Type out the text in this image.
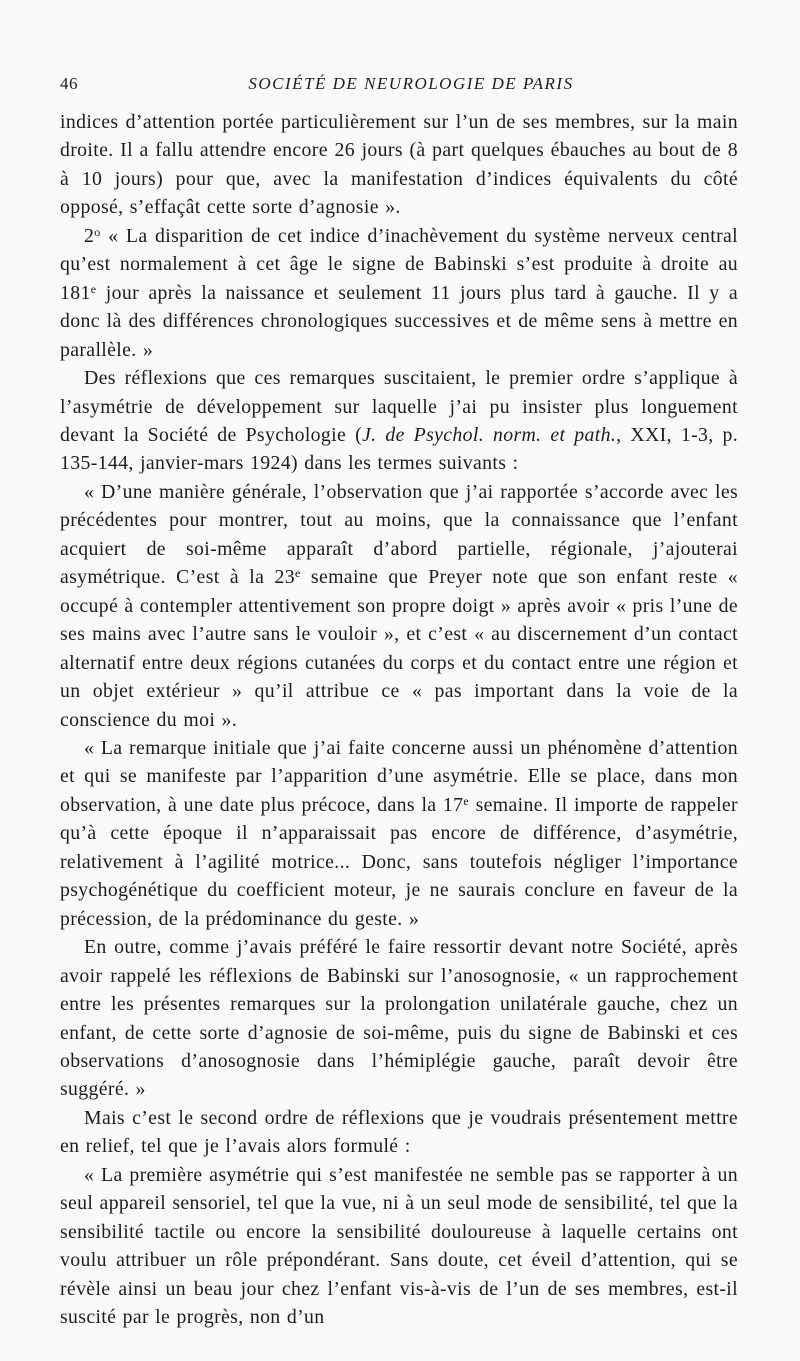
46	SOCIÉTÉ DE NEUROLOGIE DE PARIS

indices d’attention portée particulièrement sur l’un de ses membres, sur la main droite. Il a fallu attendre encore 26 jours (à part quelques ébauches au bout de 8 à 10 jours) pour que, avec la manifestation d’indices équivalents du côté opposé, s’effaçât cette sorte d’agnosie ».

2$^o$ « La disparition de cet indice d’inachèvement du système nerveux central qu’est normalement à cet âge le signe de Babinski s’est produite à droite au 181e jour après la naissance et seulement 11 jours plus tard à gauche. Il y a donc là des différences chronologiques successives et de même sens à mettre en parallèle. »

Des réflexions que ces remarques suscitaient, le premier ordre s’applique à l’asymétrie de développement sur laquelle j’ai pu insister plus longuement devant la Société de Psychologie (J. de Psychol. norm. et path., XXI, 1-3, p. 135-144, janvier-mars 1924) dans les termes suivants :

« D’une manière générale, l’observation que j’ai rapportée s’accorde avec les précédentes pour montrer, tout au moins, que la connaissance que l’enfant acquiert de soi-même apparaît d’abord partielle, régionale, j’ajouterai asymétrique. C’est à la 23e semaine que Preyer note que son enfant reste « occupé à contempler attentivement son propre doigt » après avoir « pris l’une de ses mains avec l’autre sans le vouloir », et c’est « au discernement d’un contact alternatif entre deux régions cutanées du corps et du contact entre une région et un objet extérieur » qu’il attribue ce « pas important dans la voie de la conscience du moi ».

« La remarque initiale que j’ai faite concerne aussi un phénomène d’attention et qui se manifeste par l’apparition d’une asymétrie. Elle se place, dans mon observation, à une date plus précoce, dans la 17e semaine. Il importe de rappeler qu’à cette époque il n’apparaissait pas encore de différence, d’asymétrie, relativement à l’agilité motrice... Donc, sans toutefois négliger l’importance psychogénétique du coefficient moteur, je ne saurais conclure en faveur de la précession, de la prédominance du geste. »

En outre, comme j’avais préféré le faire ressortir devant notre Société, après avoir rappelé les réflexions de Babinski sur l’anosognosie, « un rapprochement entre les présentes remarques sur la prolongation unilatérale gauche, chez un enfant, de cette sorte d’agnosie de soi-même, puis du signe de Babinski et ces observations d’anosognosie dans l’hémiplégie gauche, paraît devoir être suggéré. »

Mais c’est le second ordre de réflexions que je voudrais présentement mettre en relief, tel que je l’avais alors formulé :

« La première asymétrie qui s’est manifestée ne semble pas se rapporter à un seul appareil sensoriel, tel que la vue, ni à un seul mode de sensibilité, tel que la sensibilité tactile ou encore la sensibilité douloureuse à laquelle certains ont voulu attribuer un rôle prépondérant. Sans doute, cet éveil d’attention, qui se révèle ainsi un beau jour chez l’enfant vis-à-vis de l’un de ses membres, est-il suscité par le progrès, non d’un
